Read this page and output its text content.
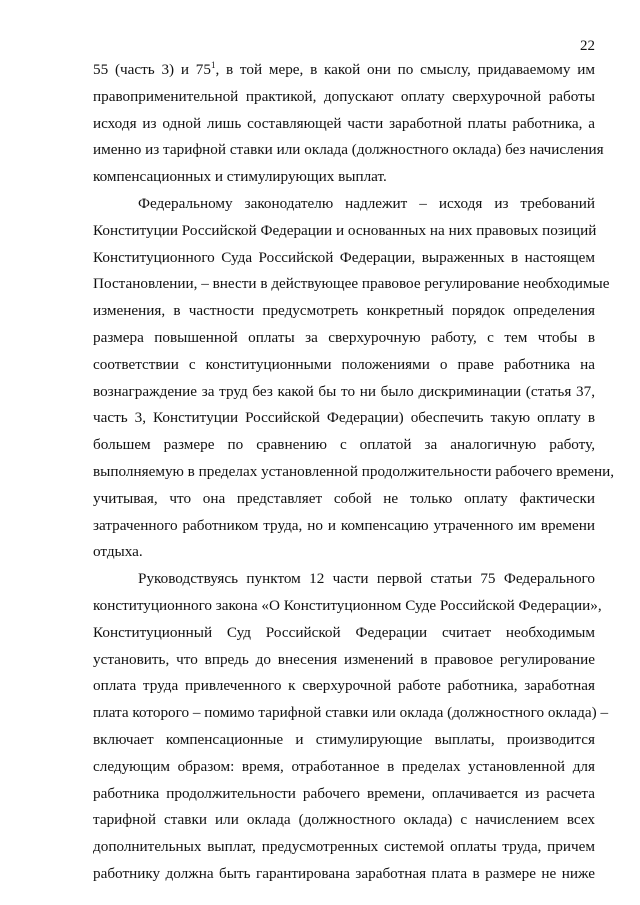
22
55 (часть 3) и $75^1$, в той мере, в какой они по смыслу, придаваемому им
правоприменительной практикой, допускают оплату сверхурочной работы
исходя из одной лишь составляющей части заработной платы работника, а
именно из тарифной ставки или оклада (должностного оклада) без начисления
компенсационных и стимулирующих выплат.
Федеральному законодателю надлежит – исходя из требований
Конституции Российской Федерации и основанных на них правовых позиций
Конституционного Суда Российской Федерации, выраженных в настоящем
Постановлении, – внести в действующее правовое регулирование необходимые
изменения, в частности предусмотреть конкретный порядок определения
размера повышенной оплаты за сверхурочную работу, с тем чтобы в
соответствии с конституционными положениями о праве работника на
вознаграждение за труд без какой бы то ни было дискриминации (статья 37,
часть 3, Конституции Российской Федерации) обеспечить такую оплату в
большем размере по сравнению с оплатой за аналогичную работу,
выполняемую в пределах установленной продолжительности рабочего времени,
учитывая, что она представляет собой не только оплату фактически
затраченного работником труда, но и компенсацию утраченного им времени
отдыха.
Руководствуясь пунктом 12 части первой статьи 75 Федерального
конституционного закона «О Конституционном Суде Российской Федерации»,
Конституционный Суд Российской Федерации считает необходимым
установить, что впредь до внесения изменений в правовое регулирование
оплата труда привлеченного к сверхурочной работе работника, заработная
плата которого – помимо тарифной ставки или оклада (должностного оклада) –
включает компенсационные и стимулирующие выплаты, производится
следующим образом: время, отработанное в пределах установленной для
работника продолжительности рабочего времени, оплачивается из расчета
тарифной ставки или оклада (должностного оклада) с начислением всех
дополнительных выплат, предусмотренных системой оплаты труда, причем
работнику должна быть гарантирована заработная плата в размере не ниже
